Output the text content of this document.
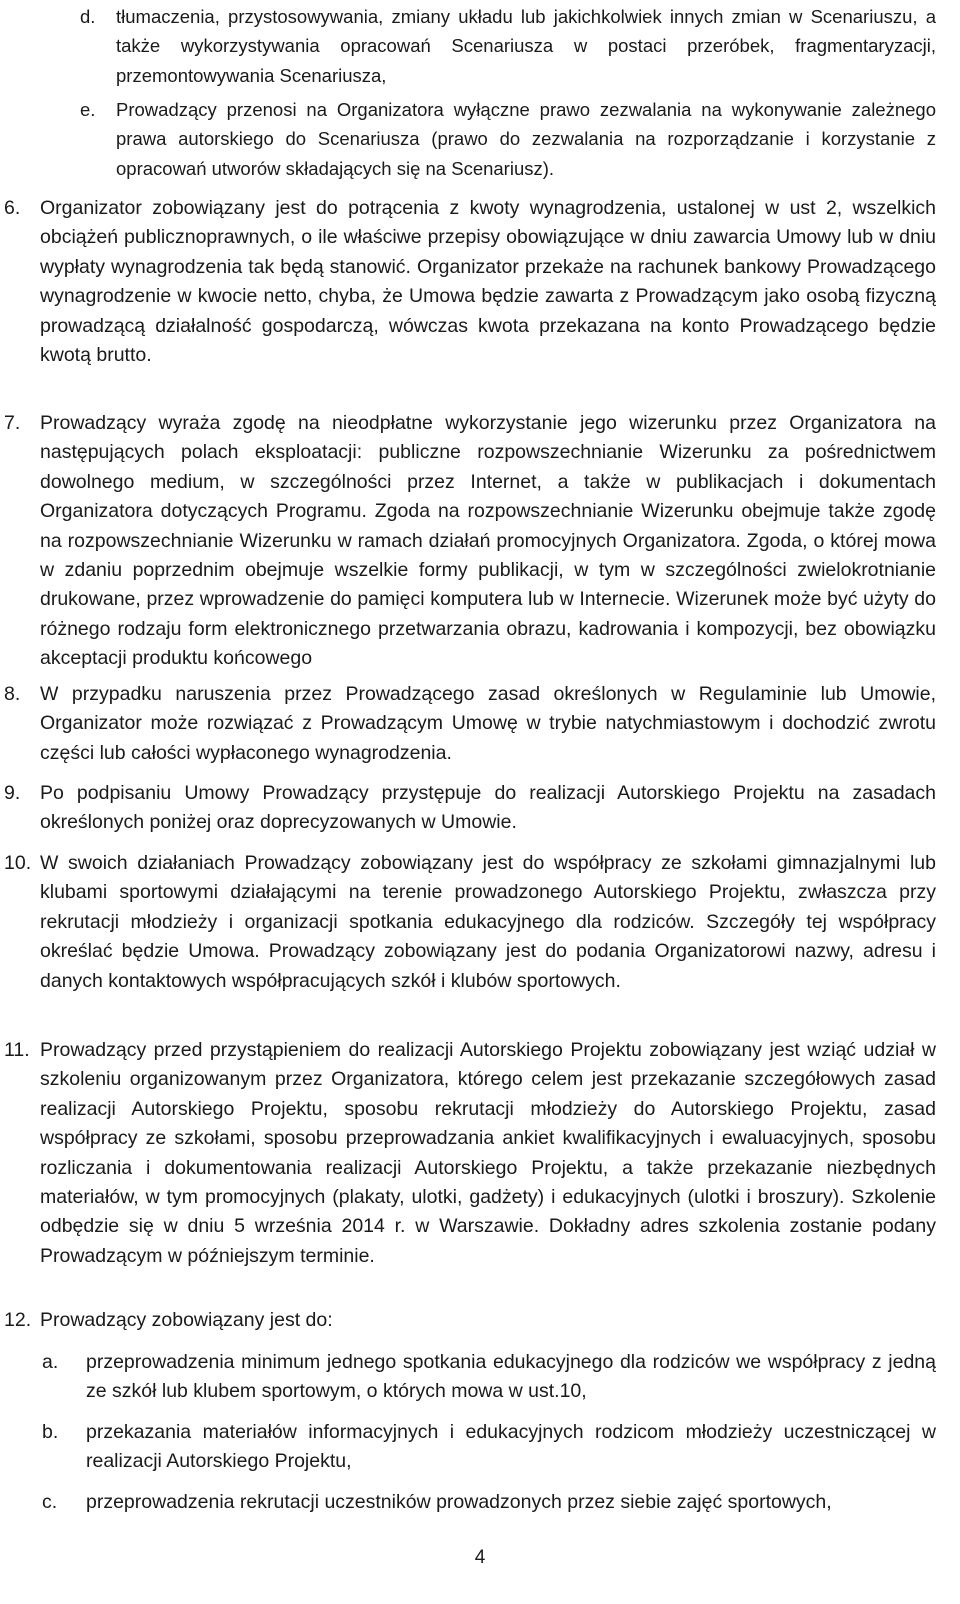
d. tłumaczenia, przystosowywania, zmiany układu lub jakichkolwiek innych zmian w Scenariuszu, a także wykorzystywania opracowań Scenariusza w postaci przeróbek, fragmentaryzacji, przemontowywania Scenariusza,
e. Prowadzący przenosi na Organizatora wyłączne prawo zezwalania na wykonywanie zależnego prawa autorskiego do Scenariusza (prawo do zezwalania na rozporządzanie i korzystanie z opracowań utworów składających się na Scenariusz).
6. Organizator zobowiązany jest do potrącenia z kwoty wynagrodzenia, ustalonej w ust 2, wszelkich obciążeń publicznoprawnych, o ile właściwe przepisy obowiązujące w dniu zawarcia Umowy lub w dniu wypłaty wynagrodzenia tak będą stanowić. Organizator przekaże na rachunek bankowy Prowadzącego wynagrodzenie w kwocie netto, chyba, że Umowa będzie zawarta z Prowadzącym jako osobą fizyczną prowadzącą działalność gospodarczą, wówczas kwota przekazana na konto Prowadzącego będzie kwotą brutto.
7. Prowadzący wyraża zgodę na nieodpłatne wykorzystanie jego wizerunku przez Organizatora na następujących polach eksploatacji: publiczne rozpowszechnianie Wizerunku za pośrednictwem dowolnego medium, w szczególności przez Internet, a także w publikacjach i dokumentach Organizatora dotyczących Programu. Zgoda na rozpowszechnianie Wizerunku obejmuje także zgodę na rozpowszechnianie Wizerunku w ramach działań promocyjnych Organizatora. Zgoda, o której mowa w zdaniu poprzednim obejmuje wszelkie formy publikacji, w tym w szczególności zwielokrotnianie drukowane, przez wprowadzenie do pamięci komputera lub w Internecie. Wizerunek może być użyty do różnego rodzaju form elektronicznego przetwarzania obrazu, kadrowania i kompozycji, bez obowiązku akceptacji produktu końcowego
8. W przypadku naruszenia przez Prowadzącego zasad określonych w Regulaminie lub Umowie, Organizator może rozwiązać z Prowadzącym Umowę w trybie natychmiastowym i dochodzić zwrotu części lub całości wypłaconego wynagrodzenia.
9. Po podpisaniu Umowy Prowadzący przystępuje do realizacji Autorskiego Projektu na zasadach określonych poniżej oraz doprecyzowanych w Umowie.
10. W swoich działaniach Prowadzący zobowiązany jest do współpracy ze szkołami gimnazjalnymi lub klubami sportowymi działającymi na terenie prowadzonego Autorskiego Projektu, zwłaszcza przy rekrutacji młodzieży i organizacji spotkania edukacyjnego dla rodziców. Szczegóły tej współpracy określać będzie Umowa. Prowadzący zobowiązany jest do podania Organizatorowi nazwy, adresu i danych kontaktowych współpracujących szkół i klubów sportowych.
11. Prowadzący przed przystąpieniem do realizacji Autorskiego Projektu zobowiązany jest wziąć udział w szkoleniu organizowanym przez Organizatora, którego celem jest przekazanie szczegółowych zasad realizacji Autorskiego Projektu, sposobu rekrutacji młodzieży do Autorskiego Projektu, zasad współpracy ze szkołami, sposobu przeprowadzania ankiet kwalifikacyjnych i ewaluacyjnych, sposobu rozliczania i dokumentowania realizacji Autorskiego Projektu, a także przekazanie niezbędnych materiałów, w tym promocyjnych (plakaty, ulotki, gadżety) i edukacyjnych (ulotki i broszury). Szkolenie odbędzie się w dniu 5 września 2014 r. w Warszawie. Dokładny adres szkolenia zostanie podany Prowadzącym w późniejszym terminie.
12. Prowadzący zobowiązany jest do:
a. przeprowadzenia minimum jednego spotkania edukacyjnego dla rodziców we współpracy z jedną ze szkół lub klubem sportowym, o których mowa w ust.10,
b. przekazania materiałów informacyjnych i edukacyjnych rodzicom młodzieży uczestniczącej w realizacji Autorskiego Projektu,
c. przeprowadzenia rekrutacji uczestników prowadzonych przez siebie zajęć sportowych,
4
